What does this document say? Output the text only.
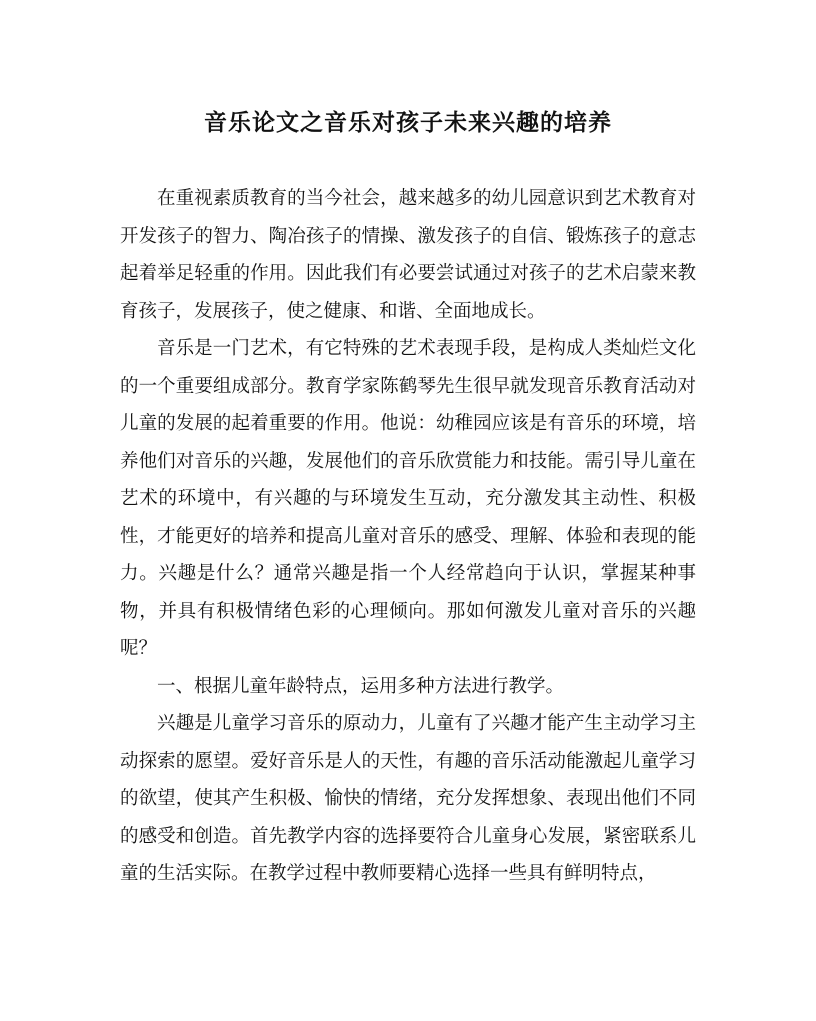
音乐论文之音乐对孩子未来兴趣的培养

在重视素质教育的当今社会，越来越多的幼儿园意识到艺术教育对开发孩子的智力、陶冶孩子的情操、激发孩子的自信、锻炼孩子的意志起着举足轻重的作用。因此我们有必要尝试通过对孩子的艺术启蒙来教育孩子，发展孩子，使之健康、和谐、全面地成长。

音乐是一门艺术，有它特殊的艺术表现手段，是构成人类灿烂文化的一个重要组成部分。教育学家陈鹤琴先生很早就发现音乐教育活动对儿童的发展的起着重要的作用。他说：幼稚园应该是有音乐的环境，培养他们对音乐的兴趣，发展他们的音乐欣赏能力和技能。需引导儿童在艺术的环境中，有兴趣的与环境发生互动，充分激发其主动性、积极性，才能更好的培养和提高儿童对音乐的感受、理解、体验和表现的能力。兴趣是什么？通常兴趣是指一个人经常趋向于认识，掌握某种事物，并具有积极情绪色彩的心理倾向。那如何激发儿童对音乐的兴趣呢？

一、根据儿童年龄特点，运用多种方法进行教学。

兴趣是儿童学习音乐的原动力，儿童有了兴趣才能产生主动学习主动探索的愿望。爱好音乐是人的天性，有趣的音乐活动能激起儿童学习的欲望，使其产生积极、愉快的情绪，充分发挥想象、表现出他们不同的感受和创造。首先教学内容的选择要符合儿童身心发展，紧密联系儿童的生活实际。在教学过程中教师要精心选择一些具有鲜明特点，
